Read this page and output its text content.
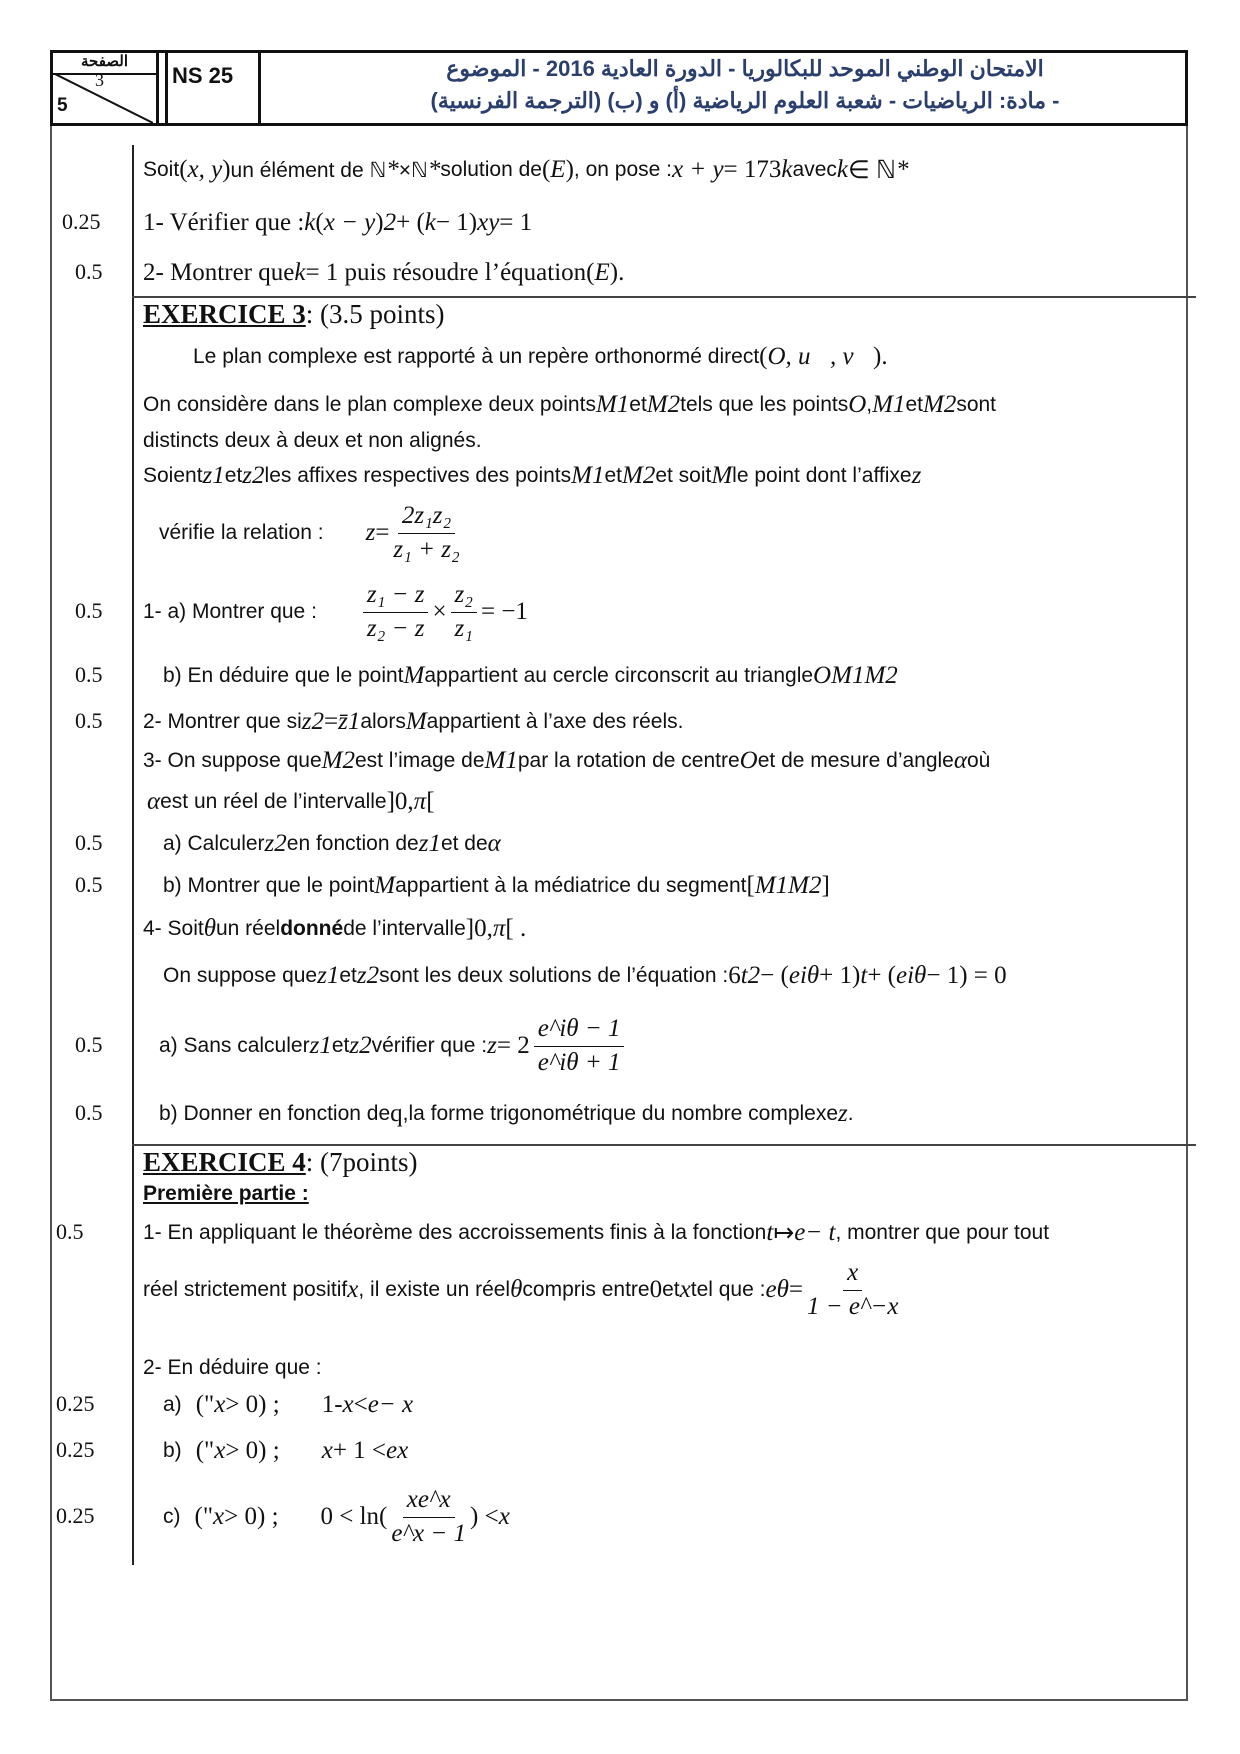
الصفحة
3
5
NS 25	الامتحان الوطني الموحد للبكالوريا - الدورة العادية 2016 - الموضوع
- مادة: الرياضيات - شعبة العلوم الرياضية (أ) و (ب) (الترجمة الفرنسية)
Soit ( x, y ) un élément de ℕ * ×ℕ * solution de ( E ) , on pose : x + y = 173 k avec k ∈ ℕ *
1- Vérifier que : k ( x − y ) 2 + ( k − 1) xy = 1
0.25
2- Montrer que k = 1 puis résoudre l’équation( E ).
0.5
EXERCICE 3 : (3.5 points)
Le plan complexe est rapporté à un repère orthonormé direct ( O, u⃗, v⃗ ).
On considère dans le plan complexe deux points M 1 et M 2 tels que les points O , M 1 et M 2 sont
distincts deux à deux et non alignés.
Soient z 1 et z 2 les affixes respectives des points M 1 et M 2 et soit M le point dont l’affixe z
vérifie la relation : $z = \frac{\text{2z₁z₂}}{\text{z₁ + z₂}}$
1- a) Montrer que : $\frac{\text{z₁ − z}}{\text{z₂ − z}} \times \frac{\text{z₂}}{\text{z₁}} = -1$
0.5
b) En déduire que le point M appartient au cercle circonscrit au triangle OM 1 M 2
0.5
2- Montrer que si z 2 = z̄ 1 alors M appartient à l’axe des réels.
0.5
3- On suppose que M 2 est l’image de M 1 par la rotation de centre O et de mesure d’angle α où
α est un réel de l’intervalle ]0, π [
a) Calculer z 2 en fonction de z 1 et de α
0.5
b) Montrer que le point M appartient à la médiatrice du segment [ M 1 M 2 ]
0.5
4- Soit θ un réel donné de l’intervalle ]0, π [ .
On suppose que z 1 et z 2 sont les deux solutions de l’équation : 6 t 2 − ( e iθ + 1) t + ( e iθ − 1) = 0
a) Sans calculer z 1 et z 2 vérifier que : $z = 2 \frac{e\^{}i\theta - 1}{e\^{}i\theta + 1}$
0.5
b) Donner en fonction de q ,la forme trigonométrique du nombre complexe z .
0.5
EXERCICE 4 : (7points)
Première partie :
1- En appliquant le théorème des accroissements finis à la fonction t ↦ e − t , montrer que pour tout
0.5
réel strictement positif x , il existe un réel θ compris entre 0 et x tel que : e $\theta = \frac{x}{1 - e\^{}-x}$
2- En déduire que :
a) (" x > 0) ; 1- x < e − x
0.25
b) (" x > 0) ; x + 1 < e x
0.25
c) (" x > 0) ; $0 < \ln( \frac{xe\^{}x}{e\^{}x - 1}$ ) < x
0.25
